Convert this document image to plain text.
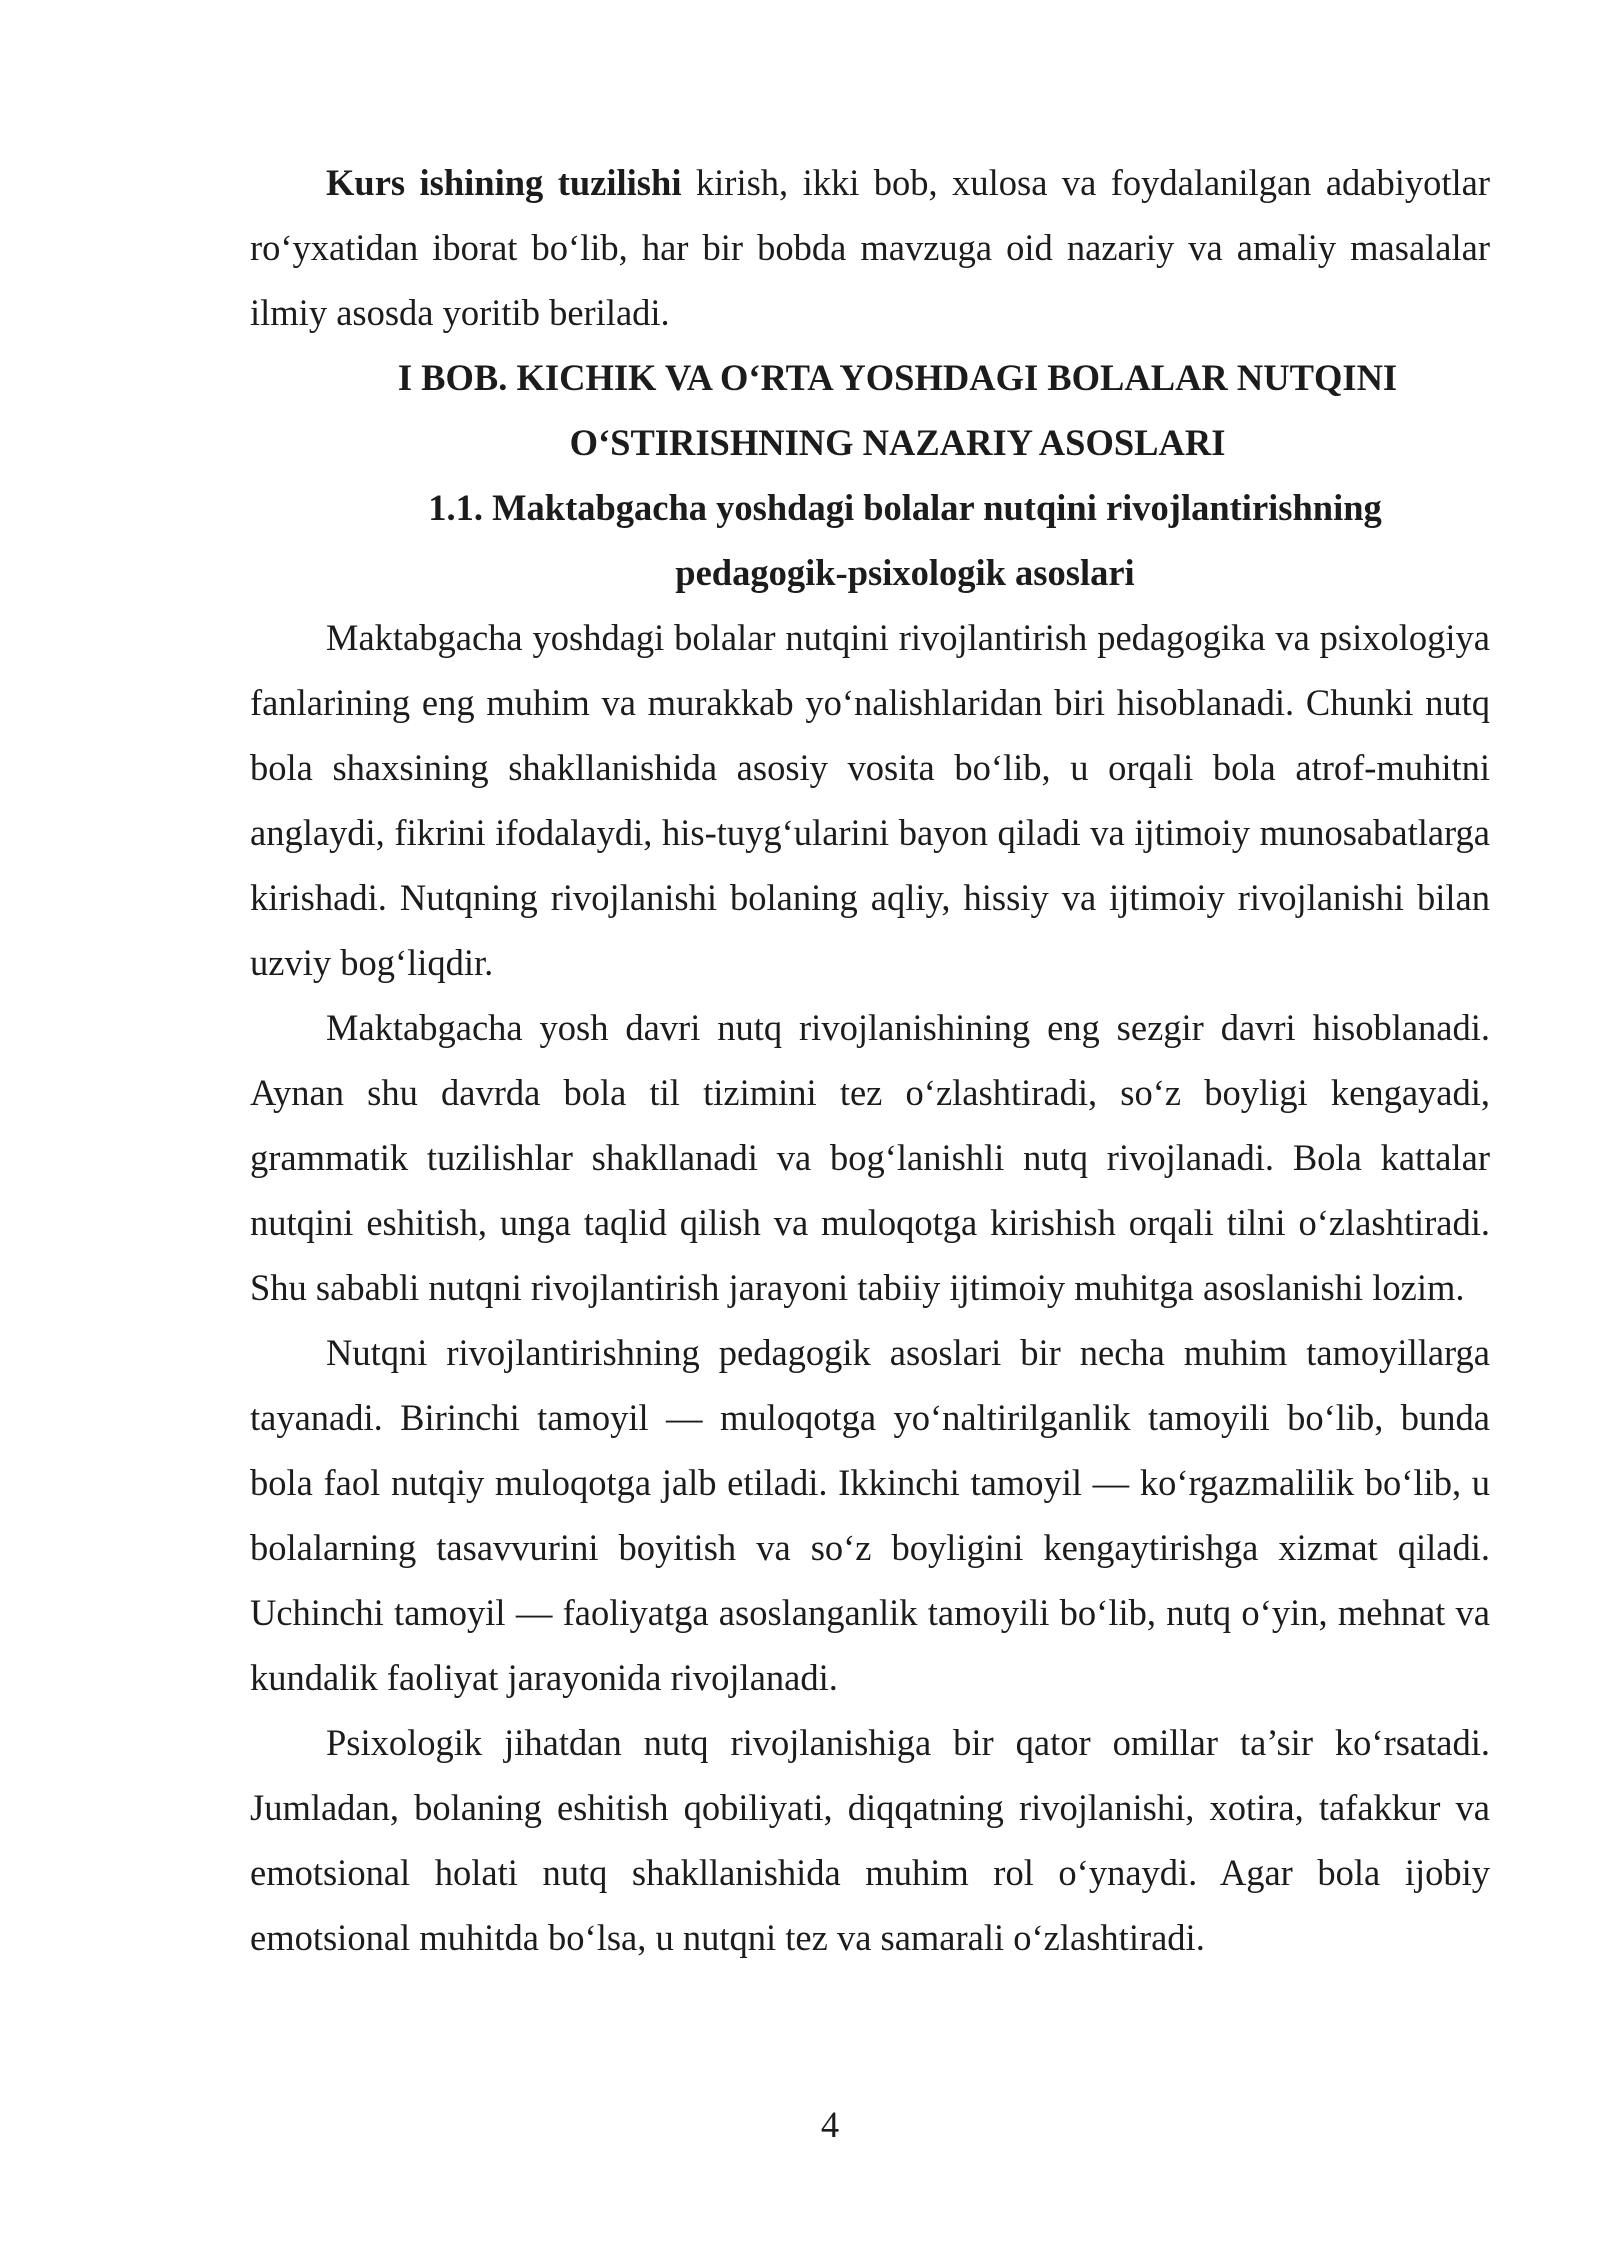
Kurs ishining tuzilishi kirish, ikki bob, xulosa va foydalanilgan adabiyotlar ro‘yxatidan iborat bo‘lib, har bir bobda mavzuga oid nazariy va amaliy masalalar ilmiy asosda yoritib beriladi.

I BOB. KICHIK VA O‘RTA YOSHDAGI BOLALAR NUTQINI
O‘STIRISHNING NAZARIY ASOSLARI
1.1. Maktabgacha yoshdagi bolalar nutqini rivojlantirishning
pedagogik-psixologik asoslari

Maktabgacha yoshdagi bolalar nutqini rivojlantirish pedagogika va psixologiya fanlarining eng muhim va murakkab yo‘nalishlaridan biri hisoblanadi. Chunki nutq bola shaxsining shakllanishida asosiy vosita bo‘lib, u orqali bola atrof-muhitni anglaydi, fikrini ifodalaydi, his-tuyg‘ularini bayon qiladi va ijtimoiy munosabatlarga kirishadi. Nutqning rivojlanishi bolaning aqliy, hissiy va ijtimoiy rivojlanishi bilan uzviy bog‘liqdir.

Maktabgacha yosh davri nutq rivojlanishining eng sezgir davri hisoblanadi. Aynan shu davrda bola til tizimini tez o‘zlashtiradi, so‘z boyligi kengayadi, grammatik tuzilishlar shakllanadi va bog‘lanishli nutq rivojlanadi. Bola kattalar nutqini eshitish, unga taqlid qilish va muloqotga kirishish orqali tilni o‘zlashtiradi. Shu sababli nutqni rivojlantirish jarayoni tabiiy ijtimoiy muhitga asoslanishi lozim.

Nutqni rivojlantirishning pedagogik asoslari bir necha muhim tamoyillarga tayanadi. Birinchi tamoyil — muloqotga yo‘naltirilganlik tamoyili bo‘lib, bunda bola faol nutqiy muloqotga jalb etiladi. Ikkinchi tamoyil — ko‘rgazmalilik bo‘lib, u bolalarning tasavvurini boyitish va so‘z boyligini kengaytirishga xizmat qiladi. Uchinchi tamoyil — faoliyatga asoslanganlik tamoyili bo‘lib, nutq o‘yin, mehnat va kundalik faoliyat jarayonida rivojlanadi.

Psixologik jihatdan nutq rivojlanishiga bir qator omillar ta’sir ko‘rsatadi. Jumladan, bolaning eshitish qobiliyati, diqqatning rivojlanishi, xotira, tafakkur va emotsional holati nutq shakllanishida muhim rol o‘ynaydi. Agar bola ijobiy emotsional muhitda bo‘lsa, u nutqni tez va samarali o‘zlashtiradi.

4
